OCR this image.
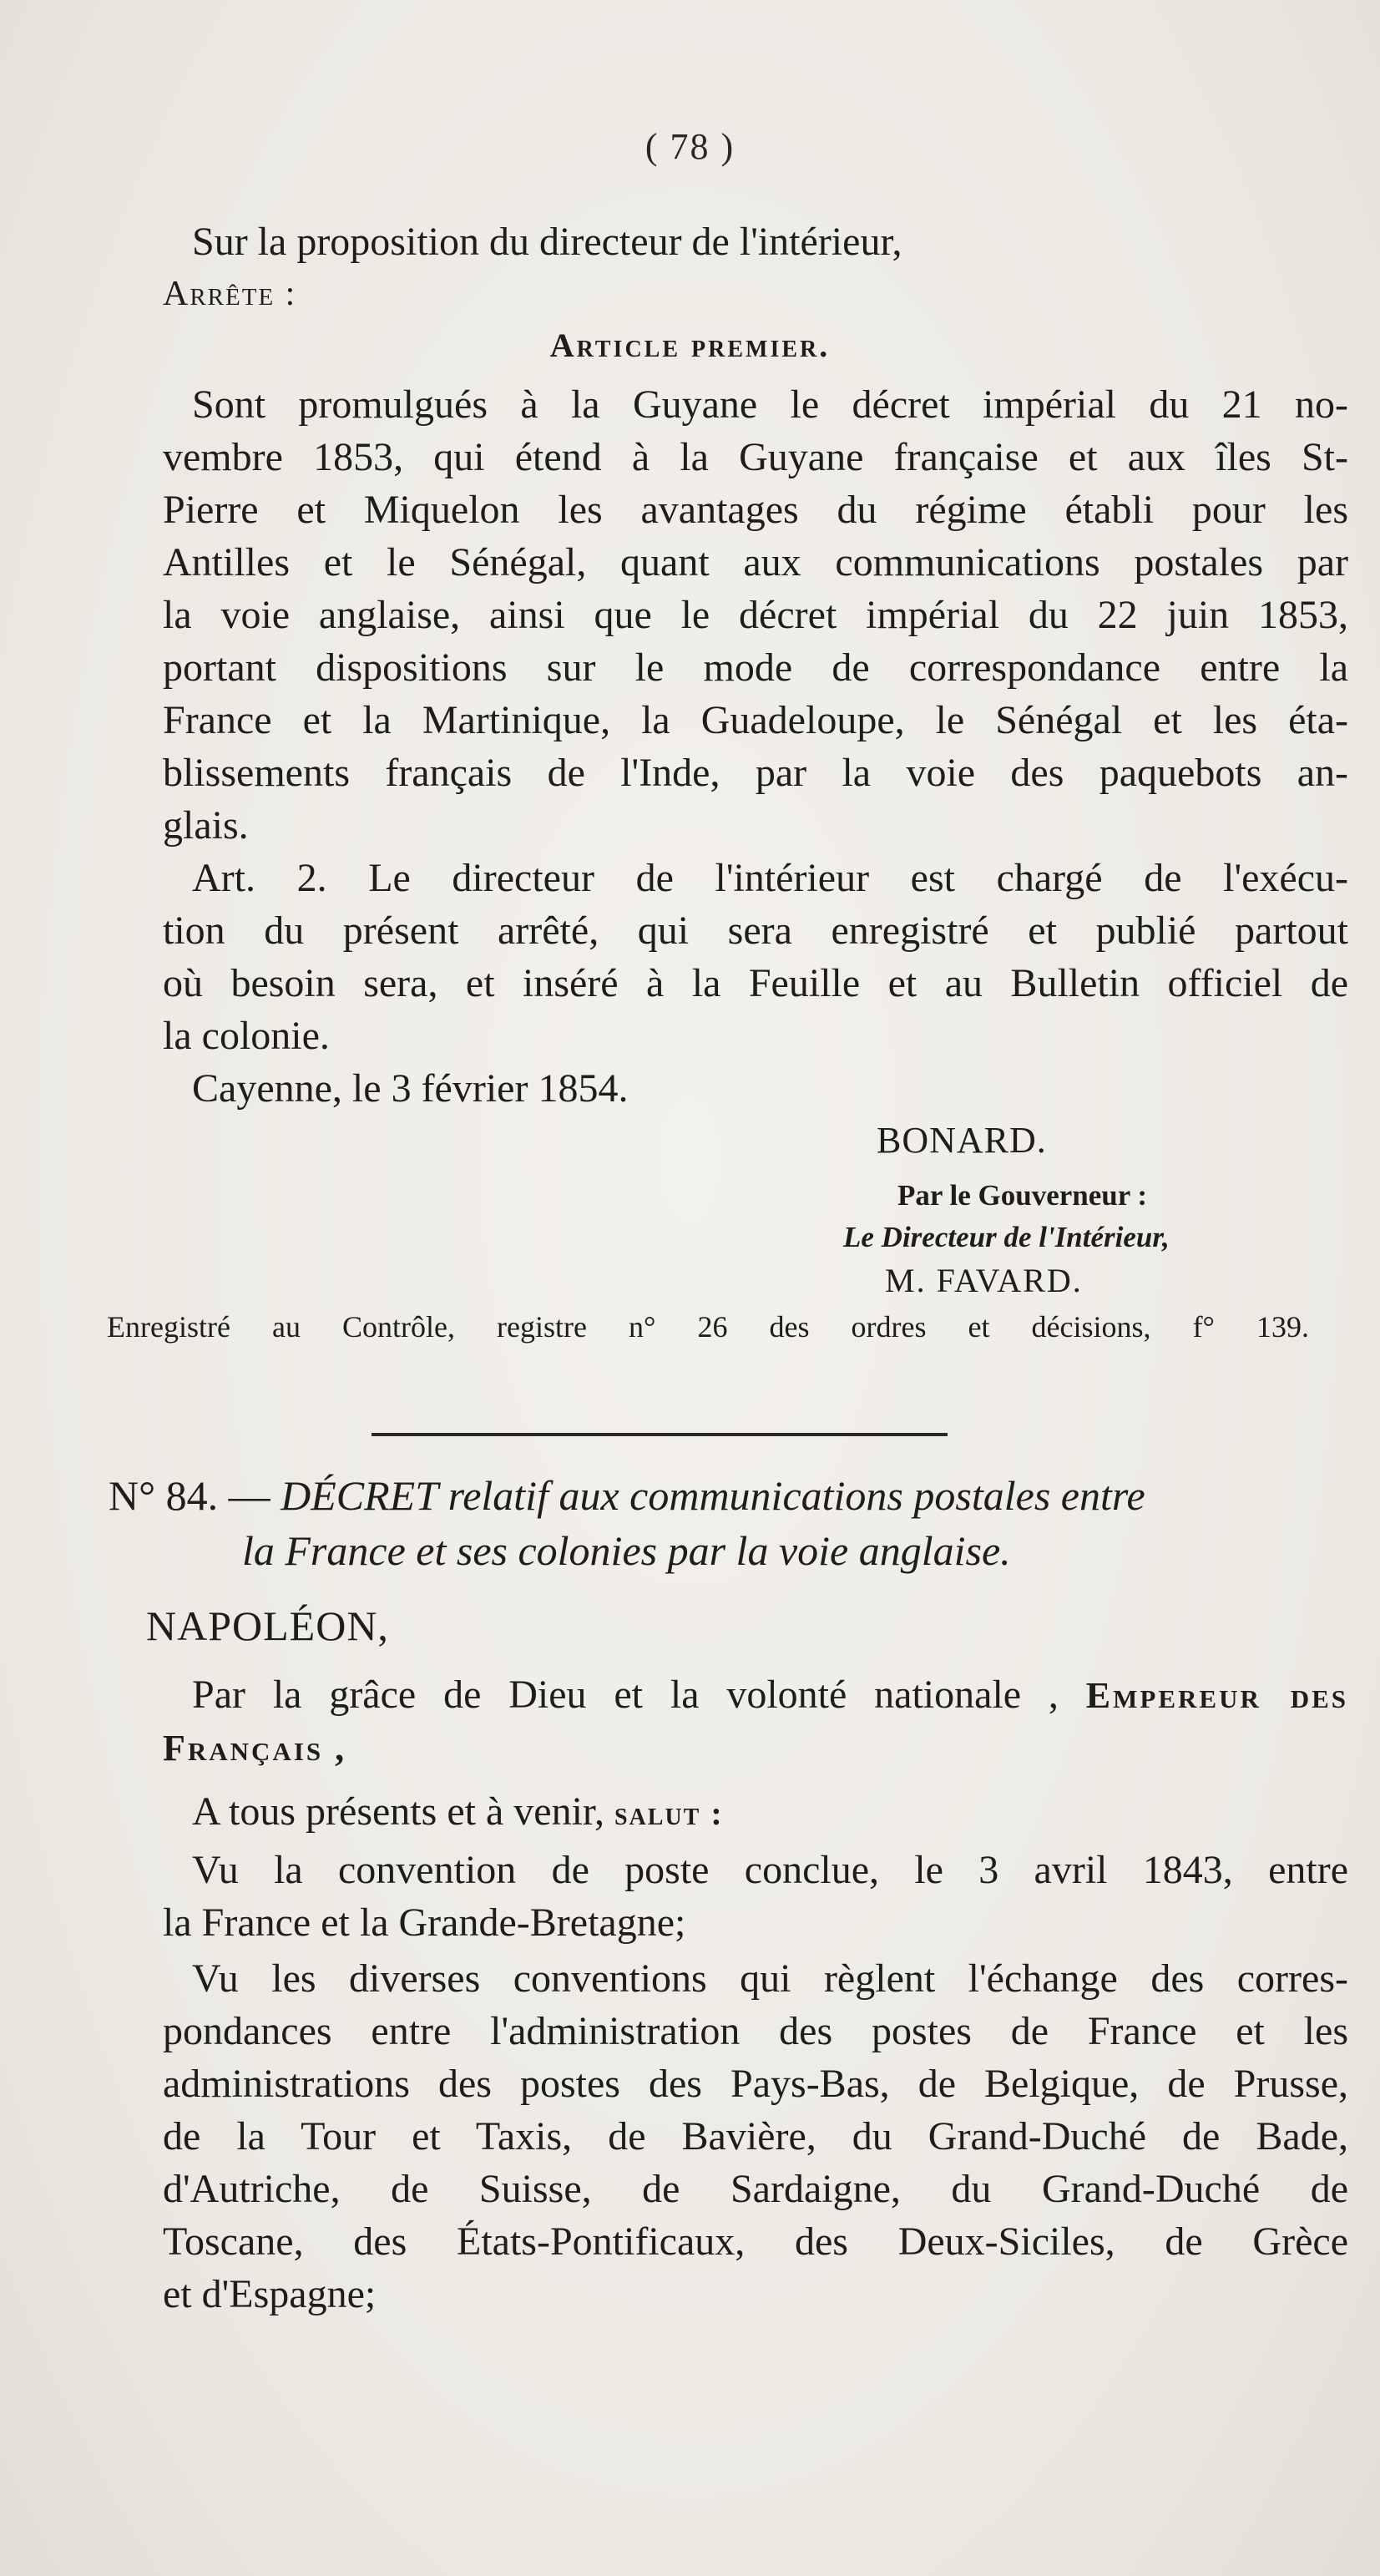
( 78 )
Sur la proposition du directeur de l'intérieur,
Arrête :
Article premier.
Sont promulgués à la Guyane le décret impérial du 21 no-
vembre 1853, qui étend à la Guyane française et aux îles St-
Pierre et Miquelon les avantages du régime établi pour les
Antilles et le Sénégal, quant aux communications postales par
la voie anglaise, ainsi que le décret impérial du 22 juin 1853,
portant dispositions sur le mode de correspondance entre la
France et la Martinique, la Guadeloupe, le Sénégal et les éta-
blissements français de l'Inde, par la voie des paquebots an-
glais.
Art. 2. Le directeur de l'intérieur est chargé de l'exécu-
tion du présent arrêté, qui sera enregistré et publié partout
où besoin sera, et inséré à la Feuille et au Bulletin officiel de
la colonie.
Cayenne, le 3 février 1854.
BONARD.
Par le Gouverneur :
Le Directeur de l'Intérieur,
M. FAVARD.
Enregistré au Contrôle, registre n° 26 des ordres et décisions, f° 139.
N° 84. — DÉCRET relatif aux communications postales entre
la France et ses colonies par la voie anglaise.
NAPOLÉON,
Par la grâce de Dieu et la volonté nationale , Empereur des
Français ,
A tous présents et à venir, salut :
Vu la convention de poste conclue, le 3 avril 1843, entre
la France et la Grande-Bretagne;
Vu les diverses conventions qui règlent l'échange des corres-
pondances entre l'administration des postes de France et les
administrations des postes des Pays-Bas, de Belgique, de Prusse,
de la Tour et Taxis, de Bavière, du Grand-Duché de Bade,
d'Autriche, de Suisse, de Sardaigne, du Grand-Duché de
Toscane, des États-Pontificaux, des Deux-Siciles, de Grèce
et d'Espagne;
